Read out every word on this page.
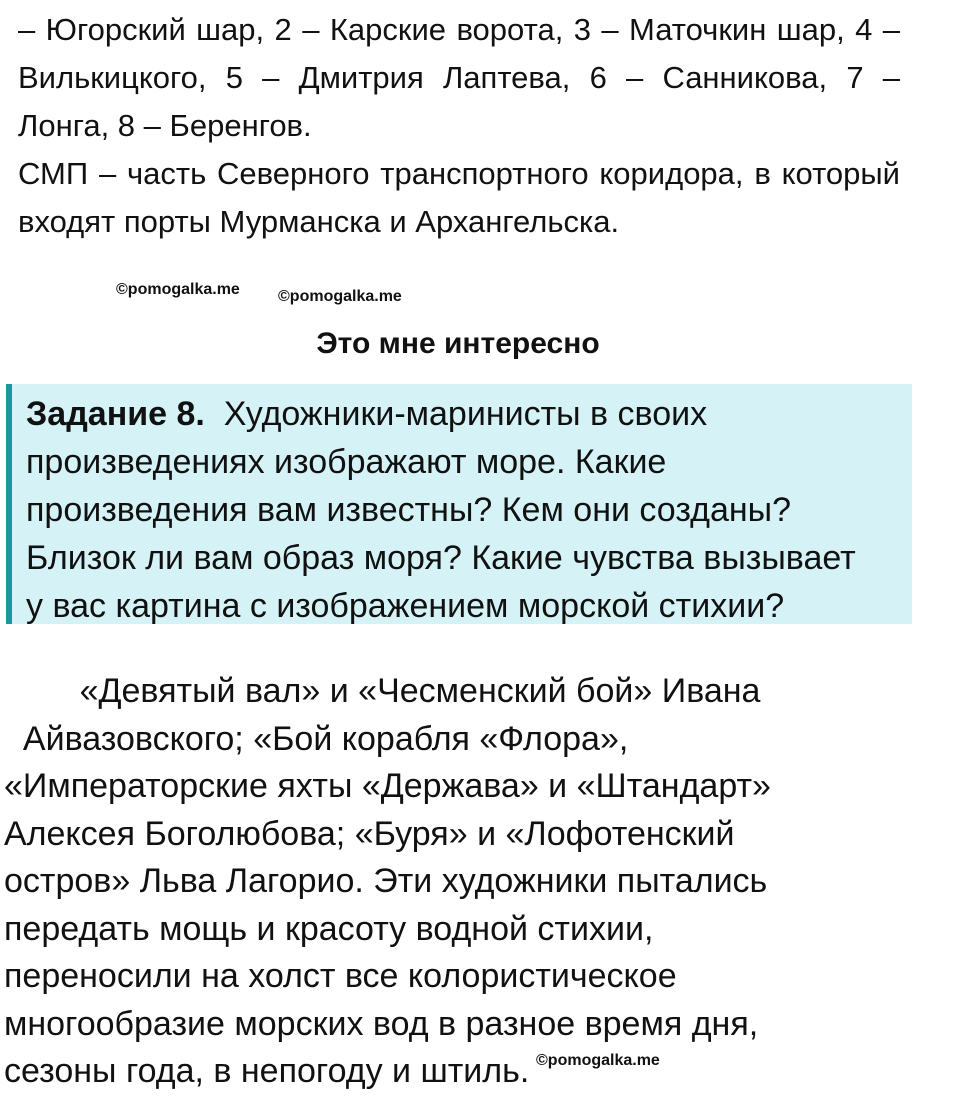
– Югорский шар, 2 – Карские ворота, 3 – Маточкин шар, 4 – Вилькицкого, 5 – Дмитрия Лаптева, 6 – Санникова, 7 – Лонга, 8 – Беренгов.

СМП – часть Северного транспортного коридора, в который входят порты Мурманска и Архангельска.

©pomogalka.me ©pomogalka.me
Это мне интересно
Задание 8. Художники-маринисты в своих
произведениях изображают море. Какие
произведения вам известны? Кем они созданы?
Близок ли вам образ моря? Какие чувства вызывает
у вас картина с изображением морской стихии?
«Девятый вал» и «Чесменский бой» Ивана
Айвазовского; «Бой корабля «Флора»,
«Императорские яхты «Держава» и «Штандарт»
Алексея Боголюбова; «Буря» и «Лофотенский
остров» Льва Лагорио. Эти художники пытались
передать мощь и красоту водной стихии,
переносили на холст все колористическое
многообразие морских вод в разное время дня,
сезоны года, в непогоду и штиль. ©pomogalka.me
